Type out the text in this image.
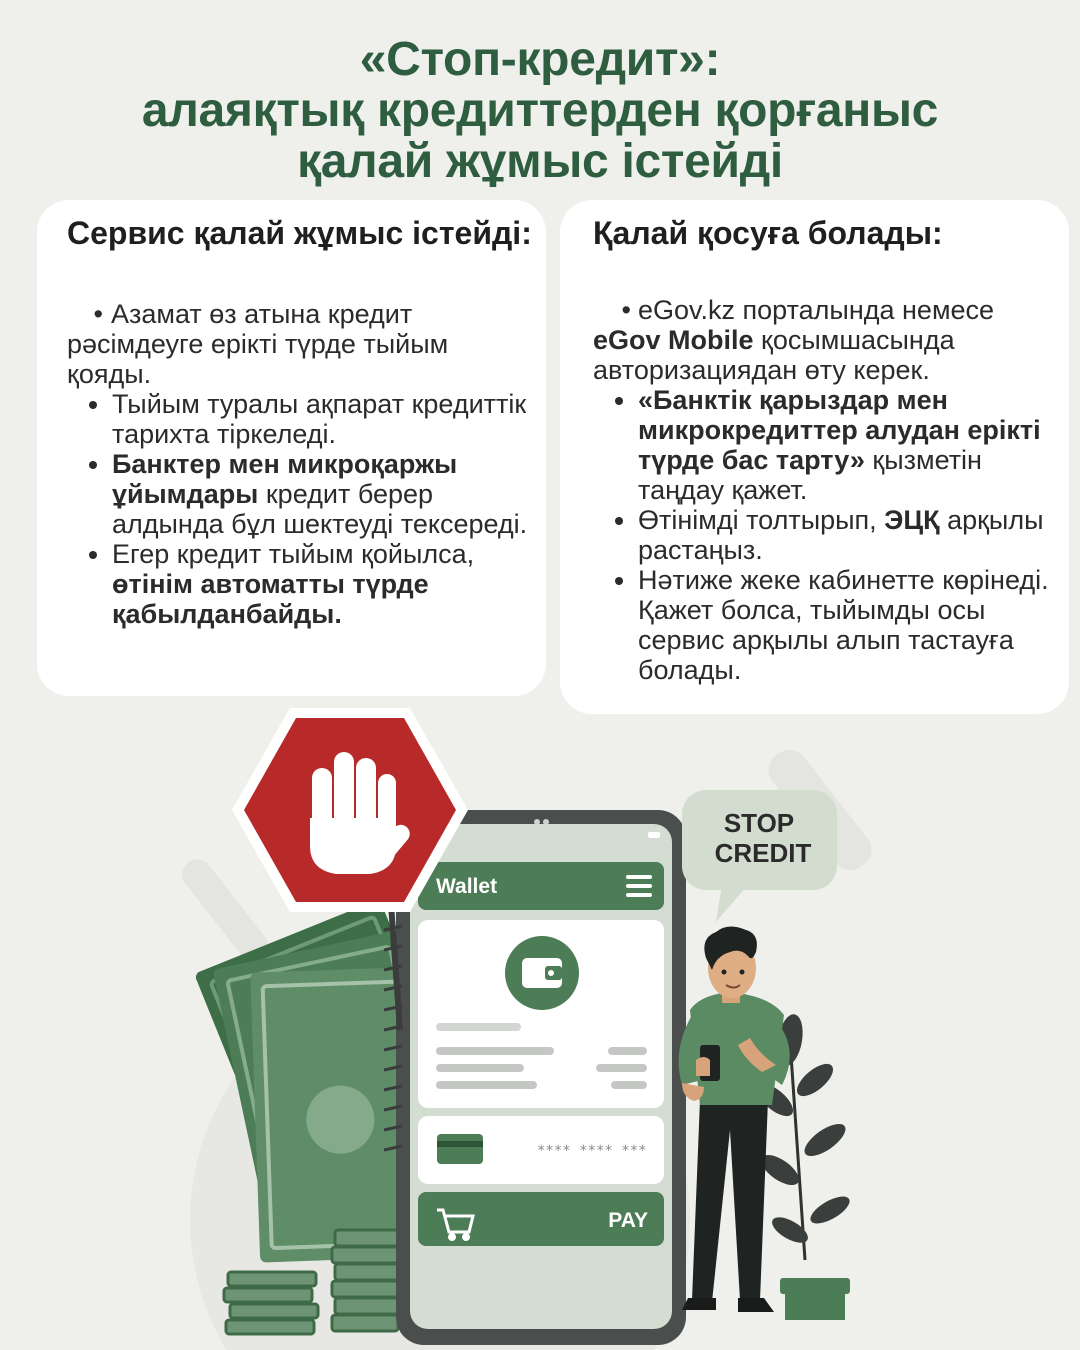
«Стоп-кредит»:
алаяқтық кредиттерден қорғаныс
қалай жұмыс істейді
Сервис қалай жұмыс істейді:

• Азамат өз атына кредит рәсімдеуге ерікті түрде тыйым қояды.

• Тыйым туралы ақпарат кредиттік тарихта тіркеледі.
• Банктер мен микроқаржы ұйымдары кредит берер алдында бұл шектеуді тексереді.
• Егер кредит тыйым қойылса, өтінім автоматты түрде қабылданбайды.
Қалай қосуға болады:

• eGov.kz порталында немесе eGov Mobile қосымшасында авторизациядан өту керек.

• «Банктік қарыздар мен микрокредиттер алудан ерікті түрде бас тарту» қызметін таңдау қажет.
• Өтінімді толтырып, ЭЦҚ арқылы растаңыз.
• Нәтиже жеке кабинетте көрінеді. Қажет болса, тыйымды осы сервис арқылы алып тастауға болады.
Wallet
**** **** ***
PAY
STOP
CREDIT
